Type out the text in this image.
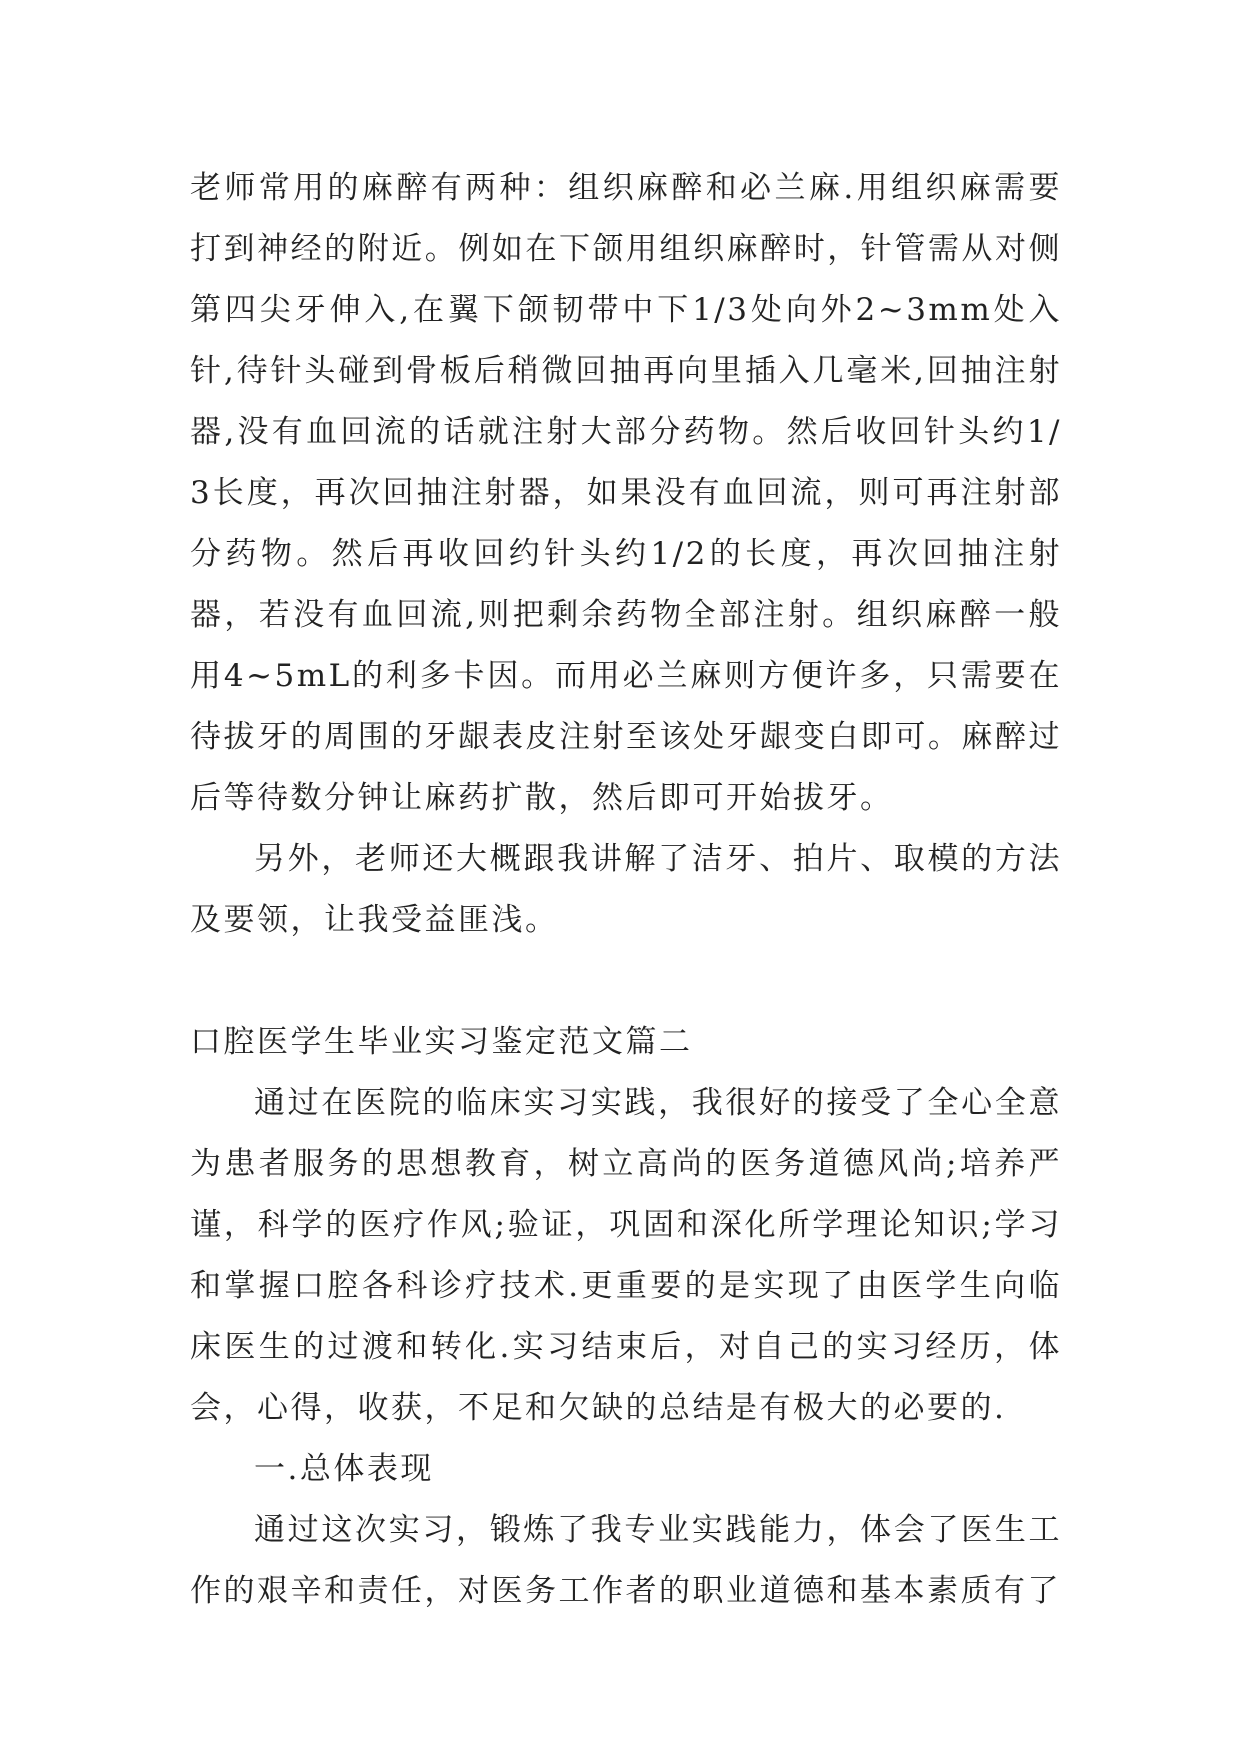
老师常用的麻醉有两种：组织麻醉和必兰麻.用组织麻需要打到神经的附近。例如在下颌用组织麻醉时，针管需从对侧第四尖牙伸入,在翼下颌韧带中下1/3处向外2~3mm处入针,待针头碰到骨板后稍微回抽再向里插入几毫米,回抽注射器,没有血回流的话就注射大部分药物。然后收回针头约1/3长度，再次回抽注射器，如果没有血回流，则可再注射部分药物。然后再收回约针头约1/2的长度，再次回抽注射器，若没有血回流,则把剩余药物全部注射。组织麻醉一般用4~5mL的利多卡因。而用必兰麻则方便许多，只需要在待拔牙的周围的牙龈表皮注射至该处牙龈变白即可。麻醉过后等待数分钟让麻药扩散，然后即可开始拔牙。

另外，老师还大概跟我讲解了洁牙、拍片、取模的方法及要领，让我受益匪浅。

口腔医学生毕业实习鉴定范文篇二

通过在医院的临床实习实践，我很好的接受了全心全意为患者服务的思想教育，树立高尚的医务道德风尚;培养严谨，科学的医疗作风;验证，巩固和深化所学理论知识;学习和掌握口腔各科诊疗技术.更重要的是实现了由医学生向临床医生的过渡和转化.实习结束后，对自己的实习经历，体会，心得，收获，不足和欠缺的总结是有极大的必要的.

一.总体表现

通过这次实习，锻炼了我专业实践能力，体会了医生工作的艰辛和责任，对医务工作者的职业道德和基本素质有了
